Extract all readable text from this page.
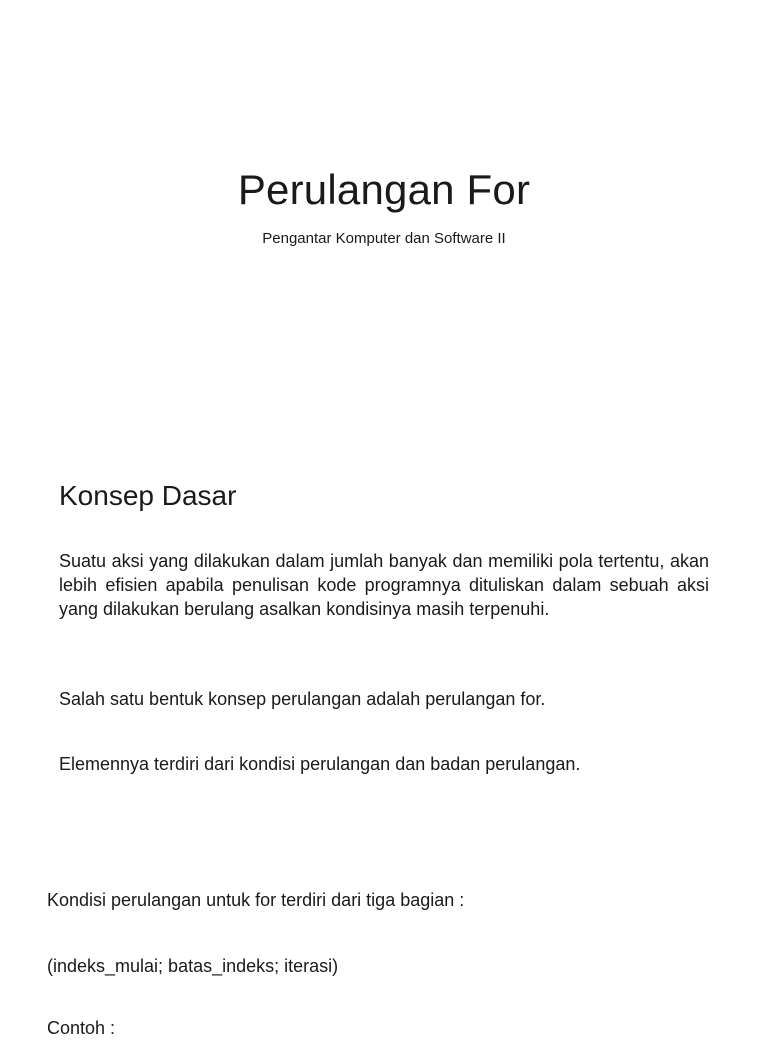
Perulangan For

Pengantar Komputer dan Software II

Konsep Dasar

Suatu aksi yang dilakukan dalam jumlah banyak dan memiliki pola tertentu, akan lebih efisien apabila penulisan kode programnya dituliskan dalam sebuah aksi yang dilakukan berulang asalkan kondisinya masih terpenuhi.

Salah satu bentuk konsep perulangan adalah perulangan for.

Elemennya terdiri dari kondisi perulangan dan badan perulangan.

Kondisi perulangan untuk for terdiri dari tiga bagian :

(indeks_mulai; batas_indeks; iterasi)

Contoh :
